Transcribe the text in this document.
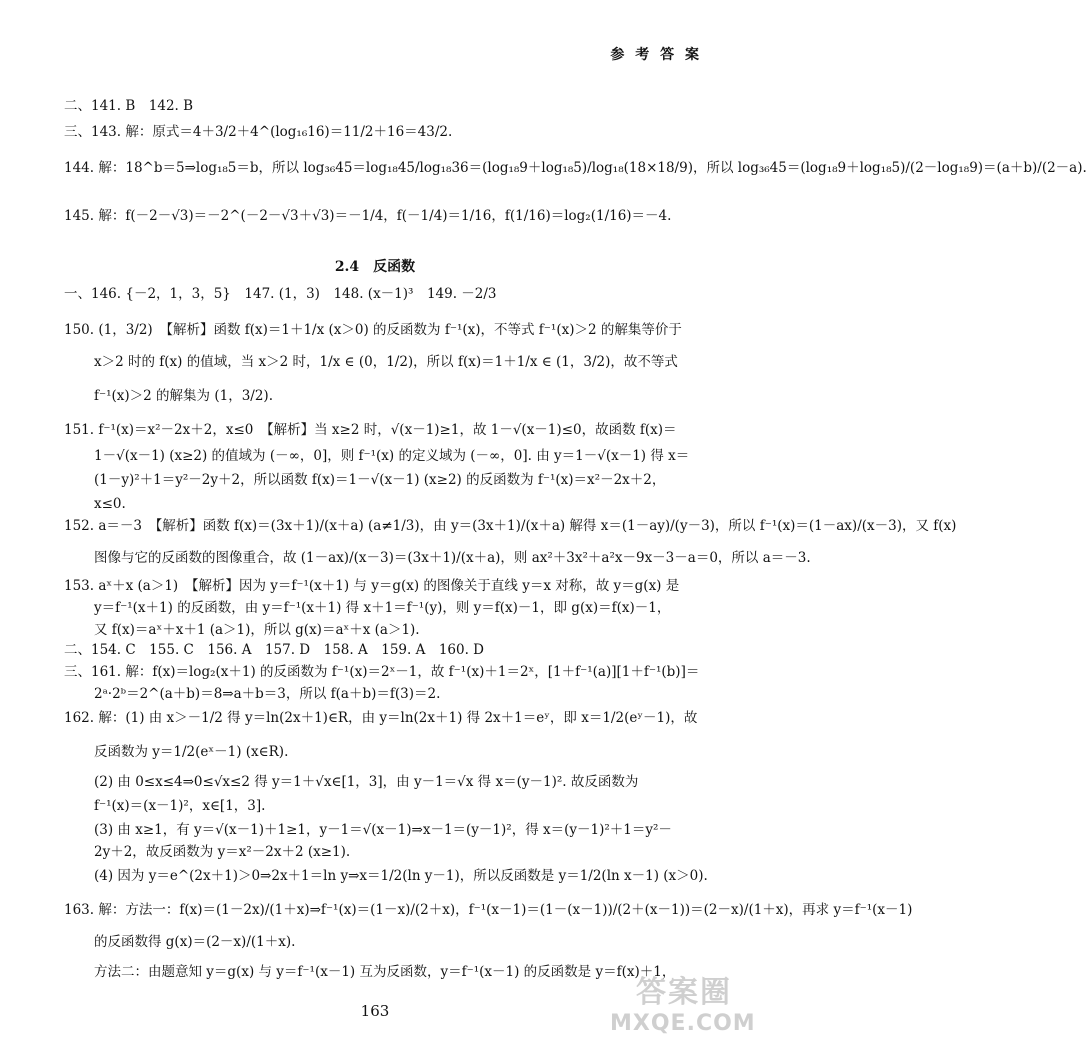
参 考 答 案
二、141. B　142. B
三、143. 解：原式＝4＋3/2＋4^(log₁₆16)＝11/2＋16＝43/2.
144. 解：18^b＝5⇒log₁₈5＝b，所以 log₃₆45＝log₁₈45/log₁₈36＝(log₁₈9＋log₁₈5)/log₁₈(18×18/9)，所以 log₃₆45＝(log₁₈9＋log₁₈5)/(2－log₁₈9)＝(a＋b)/(2－a).
145. 解：f(－2－√3)＝－2^(－2－√3＋√3)＝－1/4，f(－1/4)＝1/16，f(1/16)＝log₂(1/16)＝－4.
2.4　反函数
一、146. {－2，1，3，5}　147. (1，3)　148. (x－1)³　149. －2/3
150. (1，3/2)　【解析】函数 f(x)＝1＋1/x (x＞0) 的反函数为 f⁻¹(x)，不等式 f⁻¹(x)＞2 的解集等价于
x＞2 时的 f(x) 的值域，当 x＞2 时，1/x ∈ (0，1/2)，所以 f(x)＝1＋1/x ∈ (1，3/2)，故不等式
f⁻¹(x)＞2 的解集为 (1，3/2).
151. f⁻¹(x)＝x²－2x＋2，x≤0　【解析】当 x≥2 时，√(x－1)≥1，故 1－√(x－1)≤0，故函数 f(x)＝
1－√(x－1) (x≥2) 的值域为 (－∞，0]，则 f⁻¹(x) 的定义域为 (－∞，0]. 由 y＝1－√(x－1) 得 x＝
(1－y)²＋1＝y²－2y＋2，所以函数 f(x)＝1－√(x－1) (x≥2) 的反函数为 f⁻¹(x)＝x²－2x＋2，
x≤0.
152. a＝－3　【解析】函数 f(x)＝(3x＋1)/(x＋a) (a≠1/3)，由 y＝(3x＋1)/(x＋a) 解得 x＝(1－ay)/(y－3)，所以 f⁻¹(x)＝(1－ax)/(x－3)，又 f(x)
图像与它的反函数的图像重合，故 (1－ax)/(x－3)＝(3x＋1)/(x＋a)，则 ax²＋3x²＋a²x－9x－3－a＝0，所以 a＝－3.
153. aˣ＋x (a＞1)　【解析】因为 y＝f⁻¹(x＋1) 与 y＝g(x) 的图像关于直线 y＝x 对称，故 y＝g(x) 是
y＝f⁻¹(x＋1) 的反函数，由 y＝f⁻¹(x＋1) 得 x＋1＝f⁻¹(y)，则 y＝f(x)－1，即 g(x)＝f(x)－1，
又 f(x)＝aˣ＋x＋1 (a＞1)，所以 g(x)＝aˣ＋x (a＞1).
二、154. C　155. C　156. A　157. D　158. A　159. A　160. D
三、161. 解：f(x)＝log₂(x＋1) 的反函数为 f⁻¹(x)＝2ˣ－1，故 f⁻¹(x)＋1＝2ˣ，[1＋f⁻¹(a)][1＋f⁻¹(b)]＝
2ᵃ·2ᵇ＝2^(a＋b)＝8⇒a＋b＝3，所以 f(a＋b)＝f(3)＝2.
162. 解：(1) 由 x＞－1/2 得 y＝ln(2x＋1)∈R，由 y＝ln(2x＋1) 得 2x＋1＝eʸ，即 x＝1/2(eʸ－1)，故
反函数为 y＝1/2(eˣ－1) (x∈R).
(2) 由 0≤x≤4⇒0≤√x≤2 得 y＝1＋√x∈[1，3]，由 y－1＝√x 得 x＝(y－1)². 故反函数为
f⁻¹(x)＝(x－1)²，x∈[1，3].
(3) 由 x≥1，有 y＝√(x－1)＋1≥1，y－1＝√(x－1)⇒x－1＝(y－1)²，得 x＝(y－1)²＋1＝y²－
2y＋2，故反函数为 y＝x²－2x＋2 (x≥1).
(4) 因为 y＝e^(2x＋1)＞0⇒2x＋1＝ln y⇒x＝1/2(ln y－1)，所以反函数是 y＝1/2(ln x－1) (x＞0).
163. 解：方法一：f(x)＝(1－2x)/(1＋x)⇒f⁻¹(x)＝(1－x)/(2＋x)，f⁻¹(x－1)＝(1－(x－1))/(2＋(x－1))＝(2－x)/(1＋x)，再求 y＝f⁻¹(x－1)
的反函数得 g(x)＝(2－x)/(1＋x).
方法二：由题意知 y＝g(x) 与 y＝f⁻¹(x－1) 互为反函数，y＝f⁻¹(x－1) 的反函数是 y＝f(x)＋1，
163
答案圈
MXQE.COM
